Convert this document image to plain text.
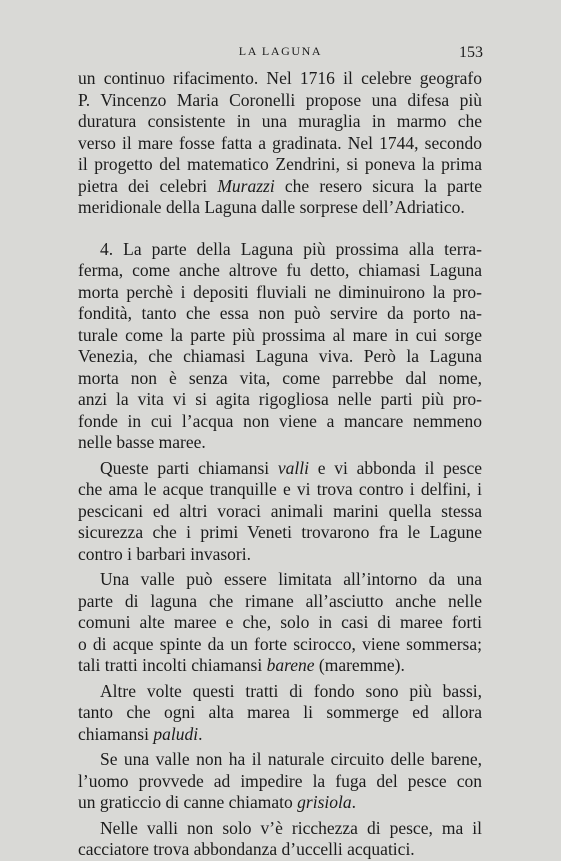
LA LAGUNA	153

un continuo rifacimento. Nel 1716 il celebre geografo
P. Vincenzo Maria Coronelli propose una difesa più
duratura consistente in una muraglia in marmo che
verso il mare fosse fatta a gradinata. Nel 1744, secondo
il progetto del matematico Zendrini, si poneva la prima
pietra dei celebri Murazzi che resero sicura la parte
meridionale della Laguna dalle sorprese dell’Adriatico.

4. La parte della Laguna più prossima alla terra-
ferma, come anche altrove fu detto, chiamasi Laguna
morta perchè i depositi fluviali ne diminuirono la pro-
fondità, tanto che essa non può servire da porto na-
turale come la parte più prossima al mare in cui sorge
Venezia, che chiamasi Laguna viva. Però la Laguna
morta non è senza vita, come parrebbe dal nome,
anzi la vita vi si agita rigogliosa nelle parti più pro-
fonde in cui l’acqua non viene a mancare nemmeno
nelle basse maree.

Queste parti chiamansi valli e vi abbonda il pesce
che ama le acque tranquille e vi trova contro i delfini, i
pescicani ed altri voraci animali marini quella stessa
sicurezza che i primi Veneti trovarono fra le Lagune
contro i barbari invasori.

Una valle può essere limitata all’intorno da una
parte di laguna che rimane all’asciutto anche nelle
comuni alte maree e che, solo in casi di maree forti
o di acque spinte da un forte scirocco, viene sommersa;
tali tratti incolti chiamansi barene (maremme).

Altre volte questi tratti di fondo sono più bassi,
tanto che ogni alta marea li sommerge ed allora
chiamansi paludi.

Se una valle non ha il naturale circuito delle barene,
l’uomo provvede ad impedire la fuga del pesce con
un graticcio di canne chiamato grisiola.

Nelle valli non solo v’è ricchezza di pesce, ma il
cacciatore trova abbondanza d’uccelli acquatici.
